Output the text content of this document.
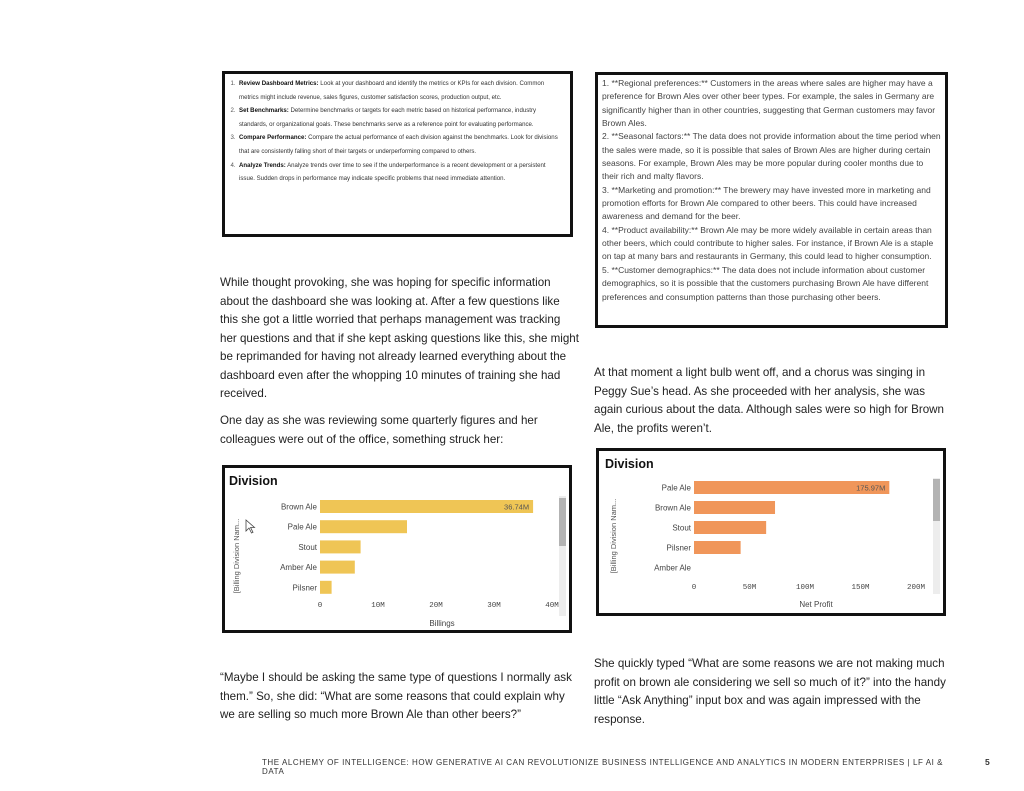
1. Review Dashboard Metrics: Look at your dashboard and identify the metrics or KPIs for each division. Common metrics might include revenue, sales figures, customer satisfaction scores, production output, etc.
2. Set Benchmarks: Determine benchmarks or targets for each metric based on historical performance, industry standards, or organizational goals. These benchmarks serve as a reference point for evaluating performance.
3. Compare Performance: Compare the actual performance of each division against the benchmarks. Look for divisions that are consistently falling short of their targets or underperforming compared to others.
4. Analyze Trends: Analyze trends over time to see if the underperformance is a recent development or a persistent issue. Sudden drops in performance may indicate specific problems that need immediate attention.

1. **Regional preferences:** Customers in the areas where sales are higher may have a preference for Brown Ales over other beer types. For example, the sales in Germany are significantly higher than in other countries, suggesting that German customers may favor Brown Ales.

2. **Seasonal factors:** The data does not provide information about the time period when the sales were made, so it is possible that sales of Brown Ales are higher during certain seasons. For example, Brown Ales may be more popular during cooler months due to their rich and malty flavors.

3. **Marketing and promotion:** The brewery may have invested more in marketing and promotion efforts for Brown Ale compared to other beers. This could have increased awareness and demand for the beer.

4. **Product availability:** Brown Ale may be more widely available in certain areas than other beers, which could contribute to higher sales. For instance, if Brown Ale is a staple on tap at many bars and restaurants in Germany, this could lead to higher consumption.

5. **Customer demographics:** The data does not include information about customer demographics, so it is possible that the customers purchasing Brown Ale have different preferences and consumption patterns than those purchasing other beers.

While thought provoking, she was hoping for specific information about the dashboard she was looking at. After a few questions like this she got a little worried that perhaps management was tracking her questions and that if she kept asking questions like this, she might be reprimanded for having not already learned everything about the dashboard even after the whopping 10 minutes of training she had received.

One day as she was reviewing some quarterly figures and her colleagues were out of the office, something struck her:

“Maybe I should be asking the same type of questions I normally ask them.” So, she did: “What are some reasons that could explain why we are selling so much more Brown Ale than other beers?”

At that moment a light bulb went off, and a chorus was singing in Peggy Sue’s head. As she proceeded with her analysis, she was again curious about the data. Although sales were so high for Brown Ale, the profits weren’t.

She quickly typed “What are some reasons we are not making much profit on brown ale considering we sell so much of it?” into the handy little “Ask Anything” input box and was again impressed with the response.

Division
[Billing Division Nam...
Billings
Brown Ale	36.74M
Pale Ale
Stout
Amber Ale
Pilsner
0	10M	20M	30M	40M
Division
[Billing Division Nam...
Net Profit
Pale Ale	175.97M
Brown Ale
Stout
Pilsner
Amber Ale
0	50M	100M	150M	200M
THE ALCHEMY OF INTELLIGENCE: HOW GENERATIVE AI CAN REVOLUTIONIZE BUSINESS INTELLIGENCE AND ANALYTICS IN MODERN ENTERPRISES | LF AI & DATA
5
